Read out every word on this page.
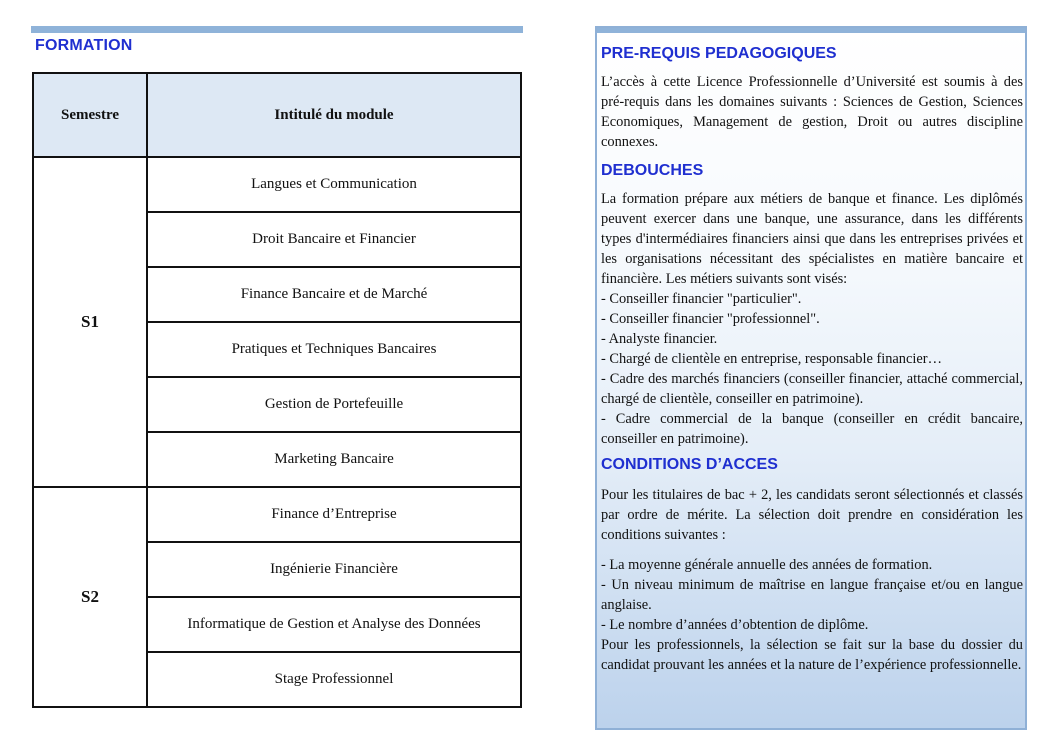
FORMATION
Semestre	Intitulé du module
S1	Langues et Communication
	Droit Bancaire et Financier
	Finance Bancaire et de Marché
	Pratiques et Techniques Bancaires
	Gestion de Portefeuille
	Marketing Bancaire
S2	Finance d’Entreprise
	Ingénierie Financière
	Informatique de Gestion et Analyse des Données
	Stage Professionnel
PRE-REQUIS PEDAGOGIQUES

L’accès à cette Licence Professionnelle d’Université est soumis à des pré-requis dans les domaines suivants : Sciences de Gestion, Sciences Economiques, Management de gestion, Droit ou autres discipline connexes.

DEBOUCHES

La formation prépare aux métiers de banque et finance. Les diplômés peuvent exercer dans une banque, une assurance, dans les différents types d'intermédiaires financiers ainsi que dans les entreprises privées et les organisations nécessitant des spécialistes en matière bancaire et financière. Les métiers suivants sont visés:

- Conseiller financier "particulier".

- Conseiller financier "professionnel".

- Analyste financier.

- Chargé de clientèle en entreprise, responsable financier…

- Cadre des marchés financiers (conseiller financier, attaché commercial, chargé de clientèle, conseiller en patrimoine).

- Cadre commercial de la banque (conseiller en crédit bancaire, conseiller en patrimoine).

CONDITIONS D’ACCES

Pour les titulaires de bac + 2, les candidats seront sélectionnés et classés par ordre de mérite. La sélection doit prendre en considération les conditions suivantes :

- La moyenne générale annuelle des années de formation.

- Un niveau minimum de maîtrise en langue française et/ou en langue anglaise.

- Le nombre d’années d’obtention de diplôme.

Pour les professionnels, la sélection se fait sur la base du dossier du candidat prouvant les années et la nature de l’expérience professionnelle.
